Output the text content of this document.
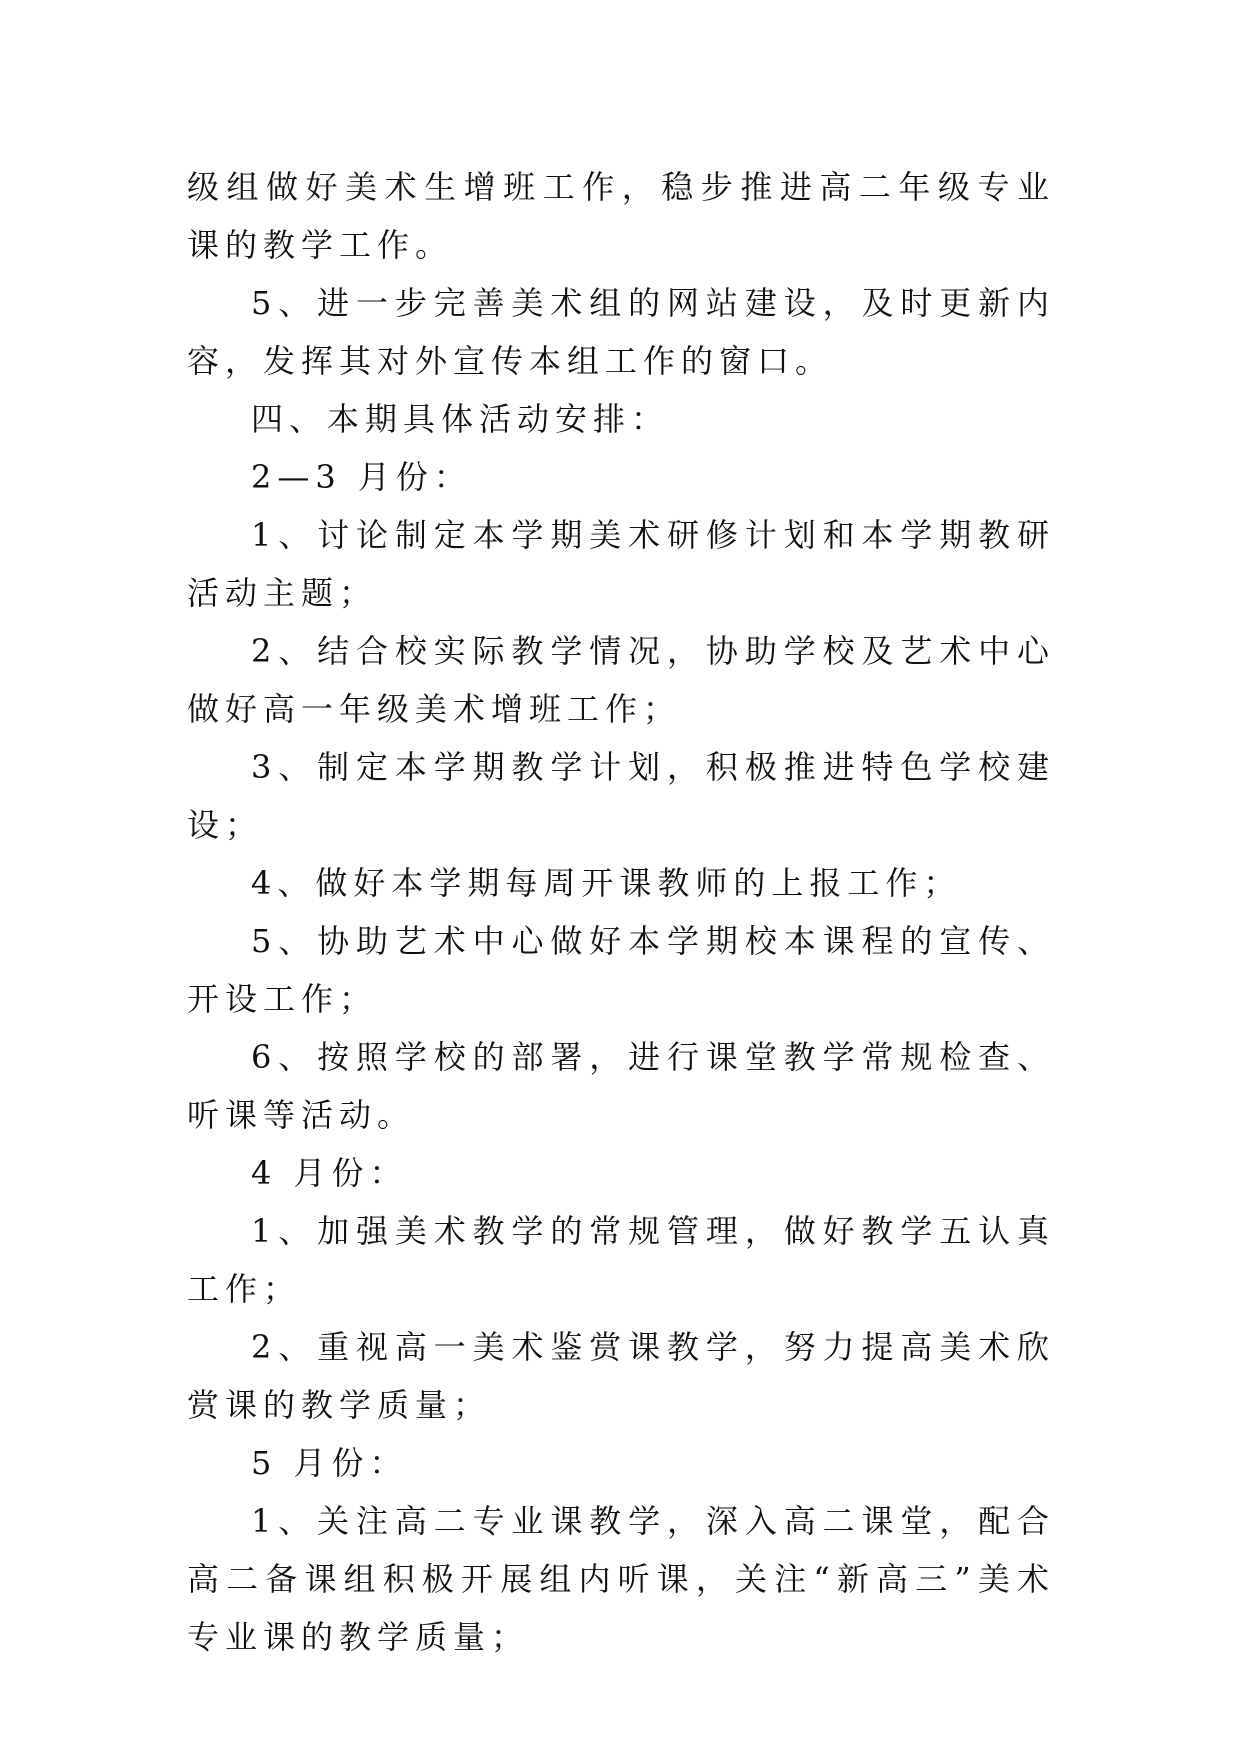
级组做好美术生增班工作，稳步推进高二年级专业课的教学工作。

5、进一步完善美术组的网站建设，及时更新内容，发挥其对外宣传本组工作的窗口。

四、本期具体活动安排：

2—3 月份：

1、讨论制定本学期美术研修计划和本学期教研活动主题；

2、结合校实际教学情况，协助学校及艺术中心做好高一年级美术增班工作；

3、制定本学期教学计划，积极推进特色学校建设；

4、做好本学期每周开课教师的上报工作；

5、协助艺术中心做好本学期校本课程的宣传、开设工作；

6、按照学校的部署，进行课堂教学常规检查、听课等活动。

4 月份：

1、加强美术教学的常规管理，做好教学五认真工作；

2、重视高一美术鉴赏课教学，努力提高美术欣赏课的教学质量；

5 月份：

1、关注高二专业课教学，深入高二课堂，配合高二备课组积极开展组内听课，关注“新高三”美术专业课的教学质量；
